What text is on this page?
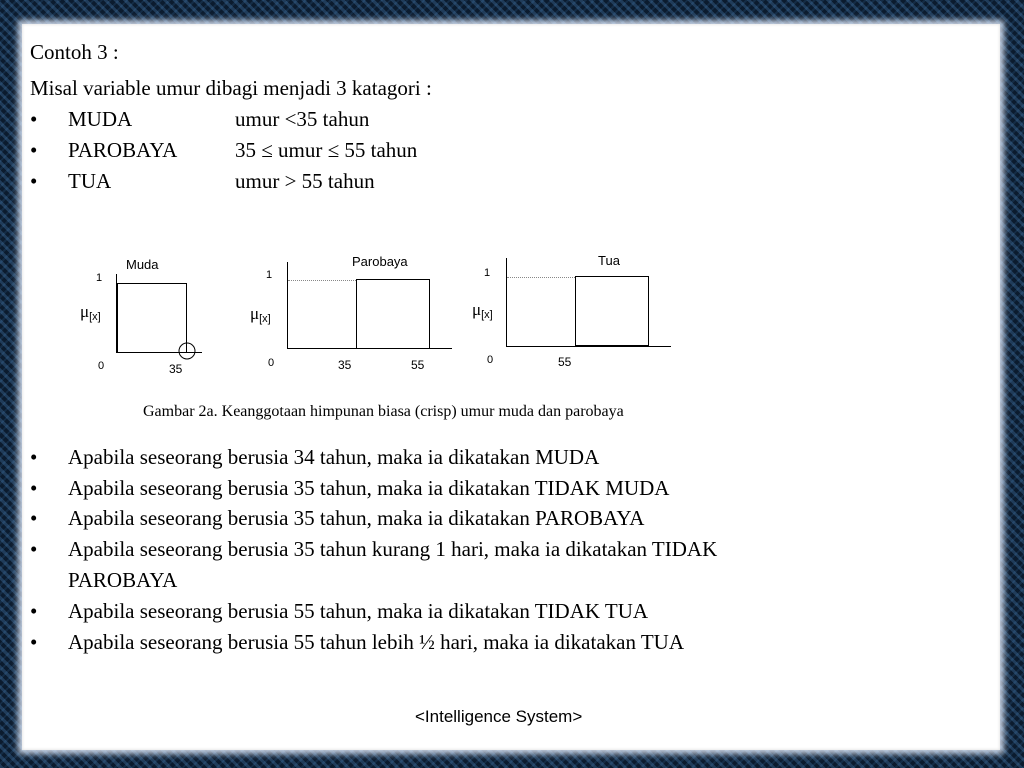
Contoh 3 :
Misal variable umur dibagi menjadi 3 katagori :
• MUDA	umur <35 tahun
• PAROBAYA	35 ≤ umur ≤ 55 tahun
• TUA	umur > 55 tahun
Muda
1
$\mu_{[x]}$
0	35
Parobaya
1
$\mu_{[x]}$
0	35	55
Tua
1
$\mu_{[x]}$
0	55
Gambar 2a. Keanggotaan himpunan biasa (crisp) umur muda dan parobaya
• Apabila seseorang berusia 34 tahun, maka ia dikatakan MUDA
• Apabila seseorang berusia 35 tahun, maka ia dikatakan TIDAK MUDA
• Apabila seseorang berusia 35 tahun, maka ia dikatakan PAROBAYA
• Apabila seseorang berusia 35 tahun kurang 1 hari, maka ia dikatakan TIDAK
PAROBAYA
• Apabila seseorang berusia 55 tahun, maka ia dikatakan TIDAK TUA
• Apabila seseorang berusia 55 tahun lebih ½ hari, maka ia dikatakan TUA
<Intelligence System>
